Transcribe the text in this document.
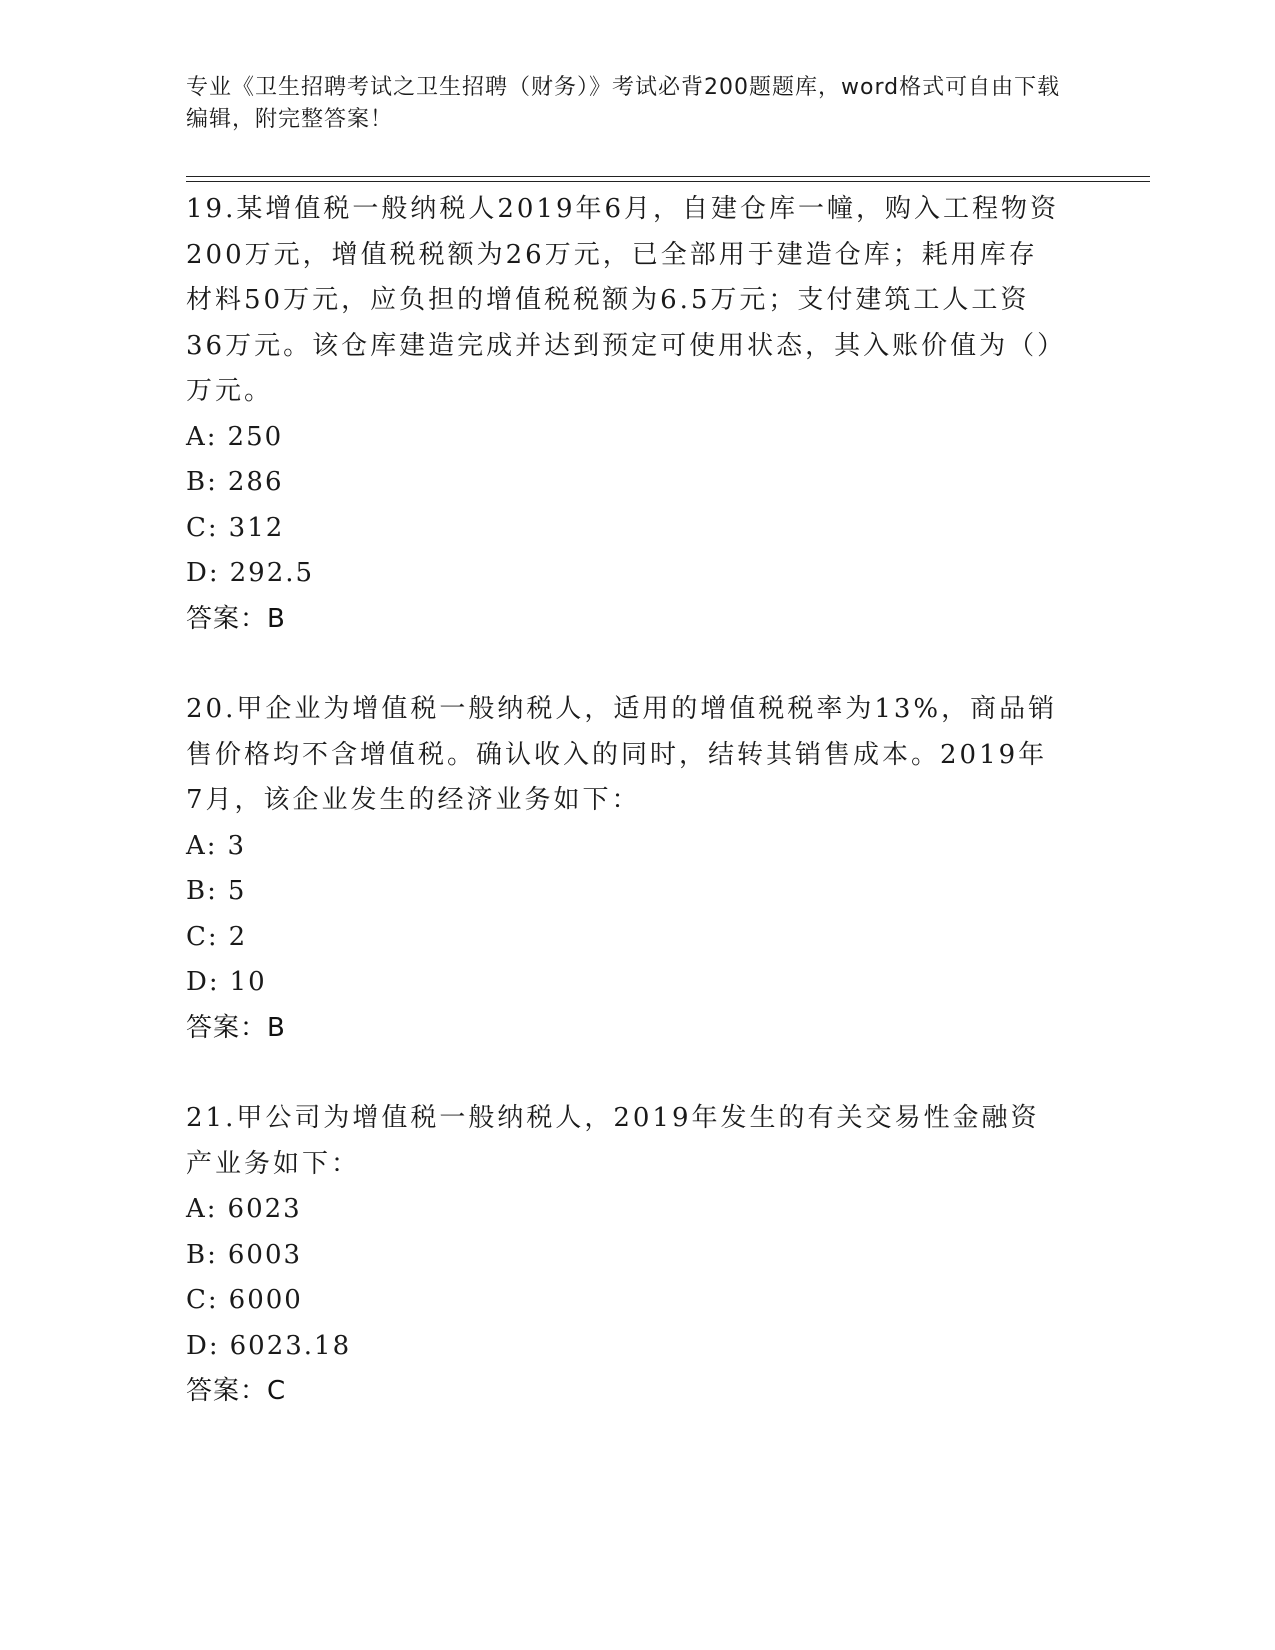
专业《卫生招聘考试之卫生招聘（财务）》考试必背200题题库，word格式可自由下载编辑，附完整答案！

19.某增值税一般纳税人2019年6月，自建仓库一幢，购入工程物资200万元，增值税税额为26万元，已全部用于建造仓库；耗用库存材料50万元，应负担的增值税税额为6.5万元；支付建筑工人工资36万元。该仓库建造完成并达到预定可使用状态，其入账价值为（）万元。

A: 250
B: 286
C: 312
D: 292.5
答案：B

20.甲企业为增值税一般纳税人，适用的增值税税率为13%，商品销售价格均不含增值税。确认收入的同时，结转其销售成本。2019年7月，该企业发生的经济业务如下：

A: 3
B: 5
C: 2
D: 10
答案：B

21.甲公司为增值税一般纳税人，2019年发生的有关交易性金融资产业务如下：

A: 6023
B: 6003
C: 6000
D: 6023.18
答案：C
